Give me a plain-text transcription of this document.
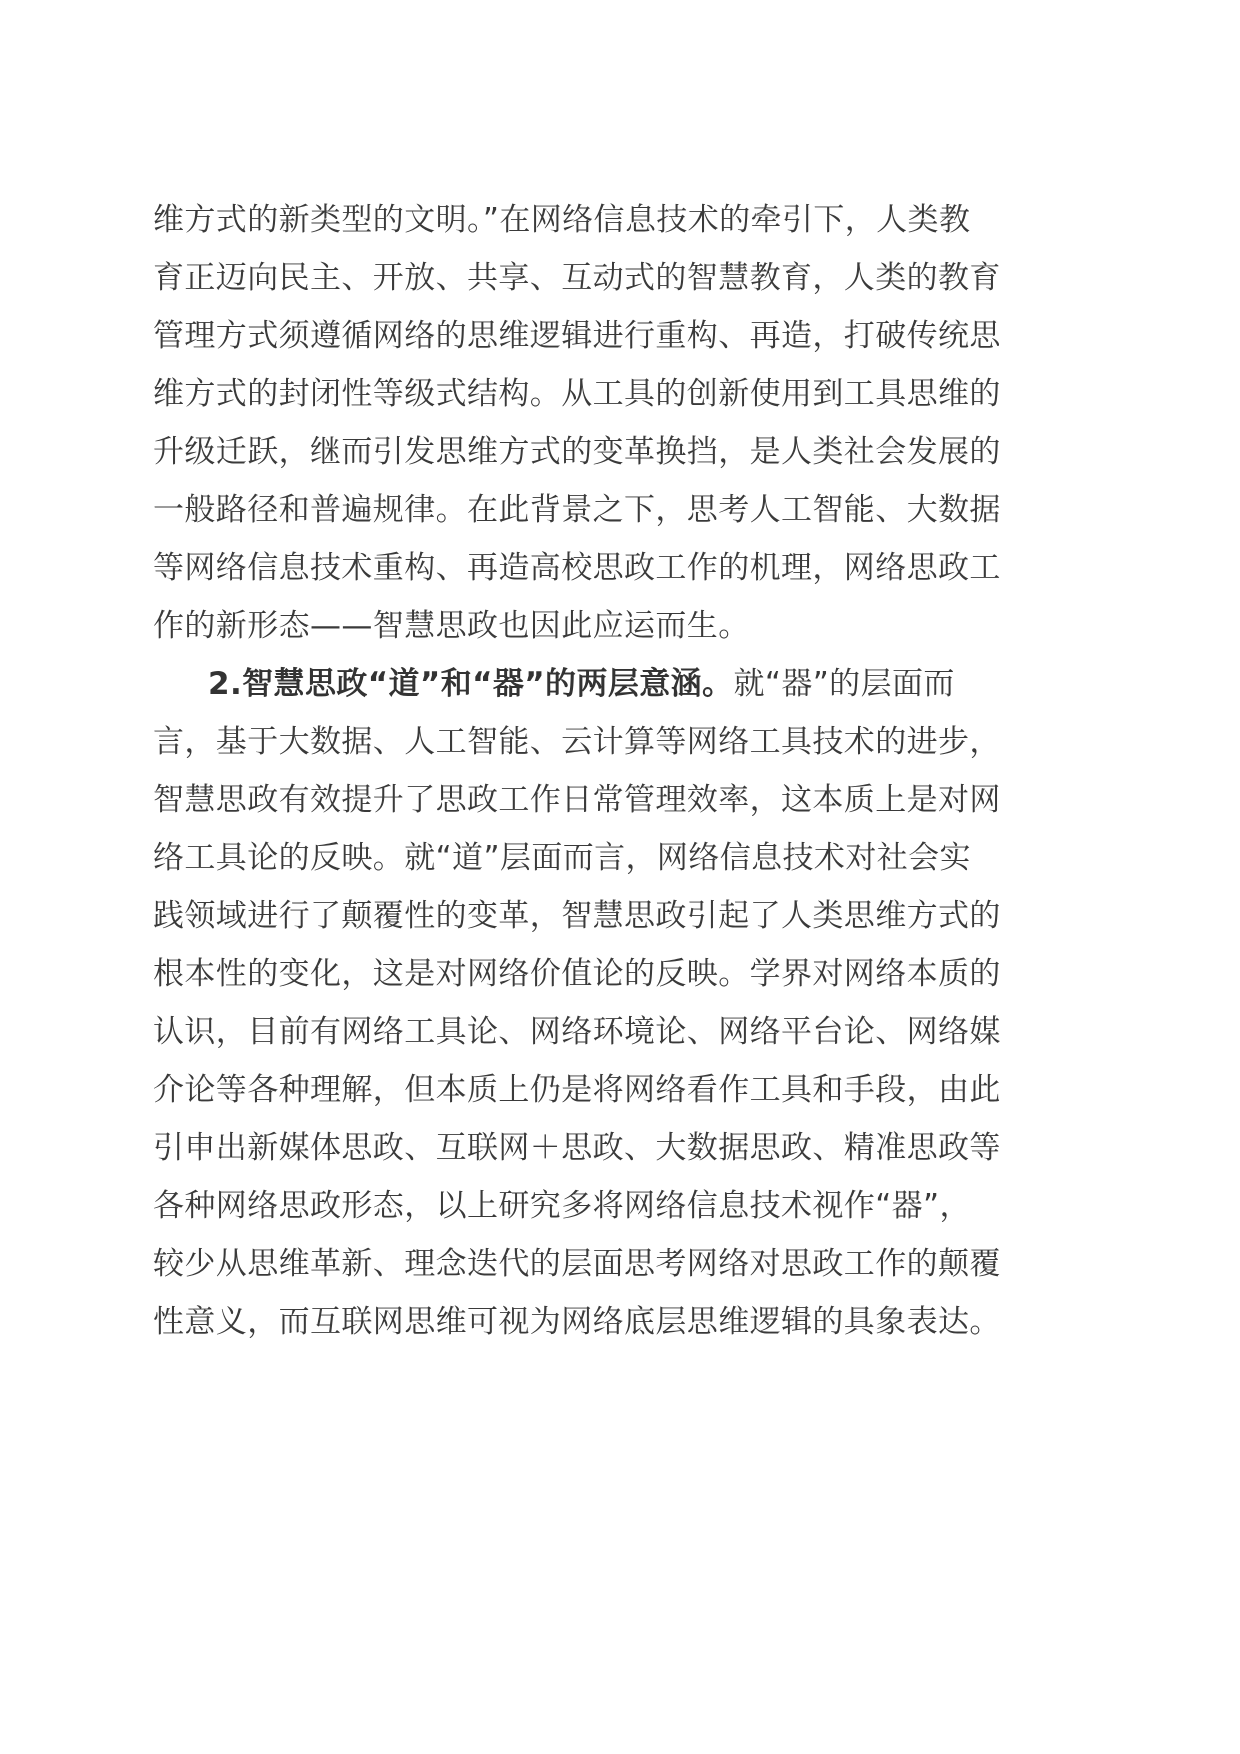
维方式的新类型的文明。”在网络信息技术的牵引下，人类教
育正迈向民主、开放、共享、互动式的智慧教育，人类的教育
管理方式须遵循网络的思维逻辑进行重构、再造，打破传统思
维方式的封闭性等级式结构。从工具的创新使用到工具思维的
升级迁跃，继而引发思维方式的变革换挡，是人类社会发展的
一般路径和普遍规律。在此背景之下，思考人工智能、大数据
等网络信息技术重构、再造高校思政工作的机理，网络思政工
作的新形态——智慧思政也因此应运而生。
2.智慧思政“道”和“器”的两层意涵。就“器”的层面而
言，基于大数据、人工智能、云计算等网络工具技术的进步，
智慧思政有效提升了思政工作日常管理效率，这本质上是对网
络工具论的反映。就“道”层面而言，网络信息技术对社会实
践领域进行了颠覆性的变革，智慧思政引起了人类思维方式的
根本性的变化，这是对网络价值论的反映。学界对网络本质的
认识，目前有网络工具论、网络环境论、网络平台论、网络媒
介论等各种理解，但本质上仍是将网络看作工具和手段，由此
引申出新媒体思政、互联网＋思政、大数据思政、精准思政等
各种网络思政形态，以上研究多将网络信息技术视作“器”，
较少从思维革新、理念迭代的层面思考网络对思政工作的颠覆
性意义，而互联网思维可视为网络底层思维逻辑的具象表达。
